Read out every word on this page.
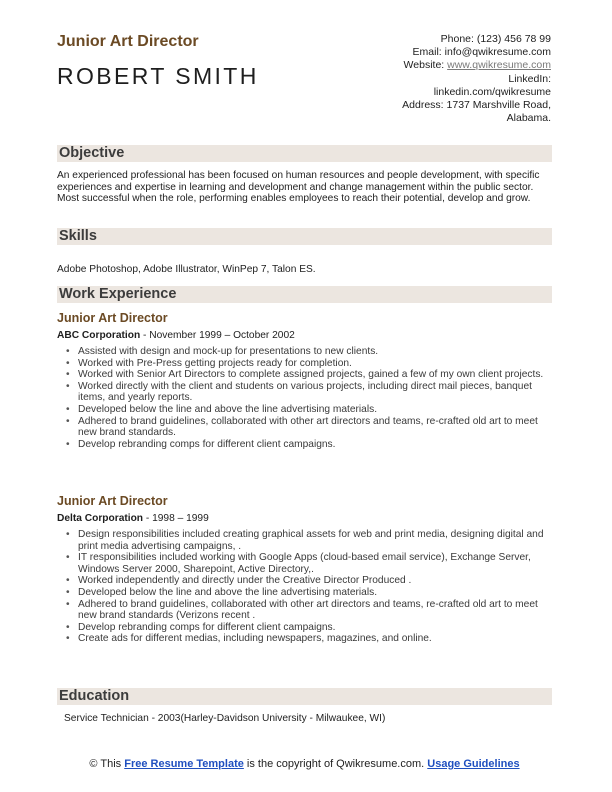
Junior Art Director
ROBERT SMITH
Phone: (123) 456 78 99
Email: info@qwikresume.com
Website: www.qwikresume.com
LinkedIn:
linkedin.com/qwikresume
Address: 1737 Marshville Road,
Alabama.
Objective
An experienced professional has been focused on human resources and people development, with specific experiences and expertise in learning and development and change management within the public sector. Most successful when the role, performing enables employees to reach their potential, develop and grow.
Skills
Adobe Photoshop, Adobe Illustrator, WinPep 7, Talon ES.
Work Experience
Junior Art Director
ABC Corporation - November 1999 – October 2002
• Assisted with design and mock-up for presentations to new clients.
• Worked with Pre-Press getting projects ready for completion.
• Worked with Senior Art Directors to complete assigned projects, gained a few of my own client projects.
• Worked directly with the client and students on various projects, including direct mail pieces, banquet items, and yearly reports.
• Developed below the line and above the line advertising materials.
• Adhered to brand guidelines, collaborated with other art directors and teams, re-crafted old art to meet new brand standards.
• Develop rebranding comps for different client campaigns.
Junior Art Director
Delta Corporation - 1998 – 1999
• Design responsibilities included creating graphical assets for web and print media, designing digital and print media advertising campaigns, .
• IT responsibilities included working with Google Apps (cloud-based email service), Exchange Server, Windows Server 2000, Sharepoint, Active Directory,.
• Worked independently and directly under the Creative Director Produced .
• Developed below the line and above the line advertising materials.
• Adhered to brand guidelines, collaborated with other art directors and teams, re-crafted old art to meet new brand standards (Verizons recent .
• Develop rebranding comps for different client campaigns.
• Create ads for different medias, including newspapers, magazines, and online.
Education
Service Technician - 2003(Harley-Davidson University - Milwaukee, WI)
© This Free Resume Template is the copyright of Qwikresume.com. Usage Guidelines
